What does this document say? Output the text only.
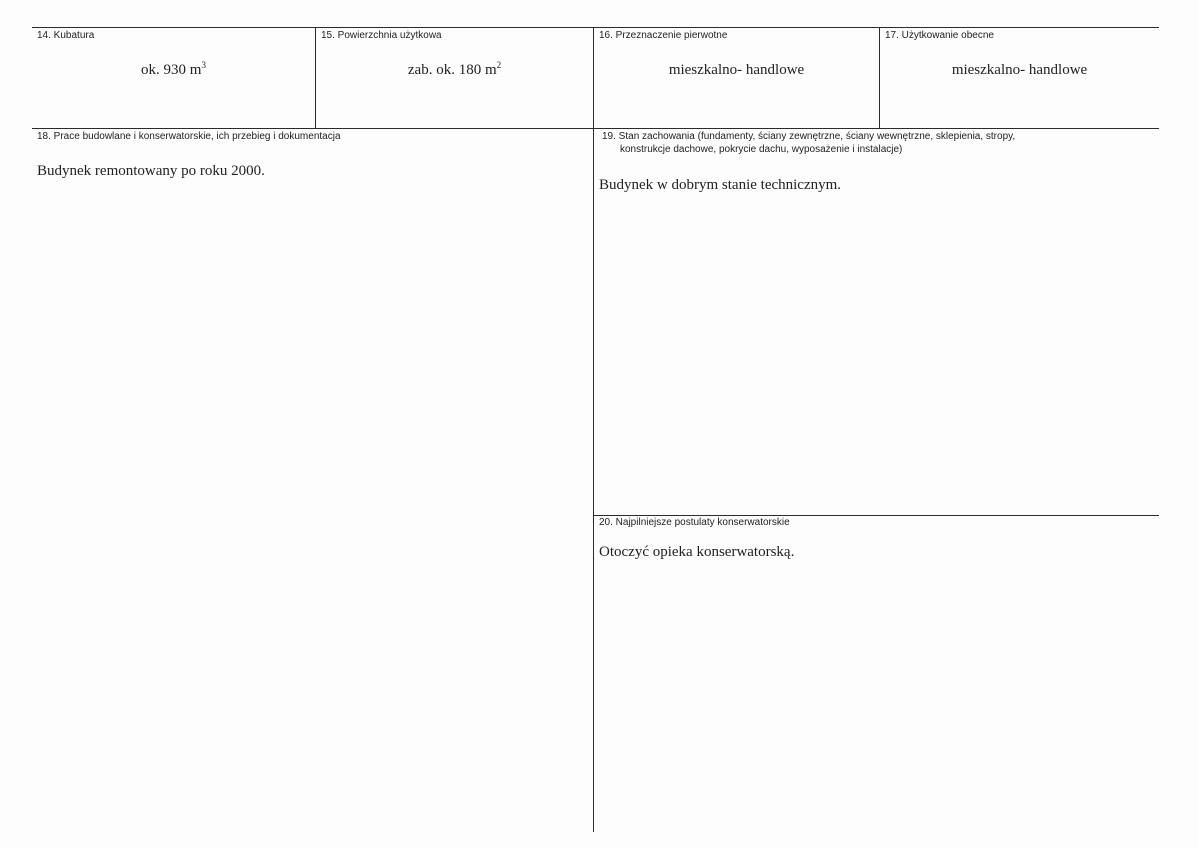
14. Kubatura
ok. 930 $m^3$
15. Powierzchnia użytkowa
zab. ok. 180 $m^2$
16. Przeznaczenie pierwotne
mieszkalno- handlowe
17. Użytkowanie obecne
mieszkalno- handlowe
18. Prace budowlane i konserwatorskie, ich przebieg i dokumentacja
Budynek remontowany po roku 2000.
19. Stan zachowania (fundamenty, ściany zewnętrzne, ściany wewnętrzne, sklepienia, stropy,
konstrukcje dachowe, pokrycie dachu, wyposażenie i instalacje)
Budynek w dobrym stanie technicznym.
20. Najpilniejsze postulaty konserwatorskie
Otoczyć opieka konserwatorską.
